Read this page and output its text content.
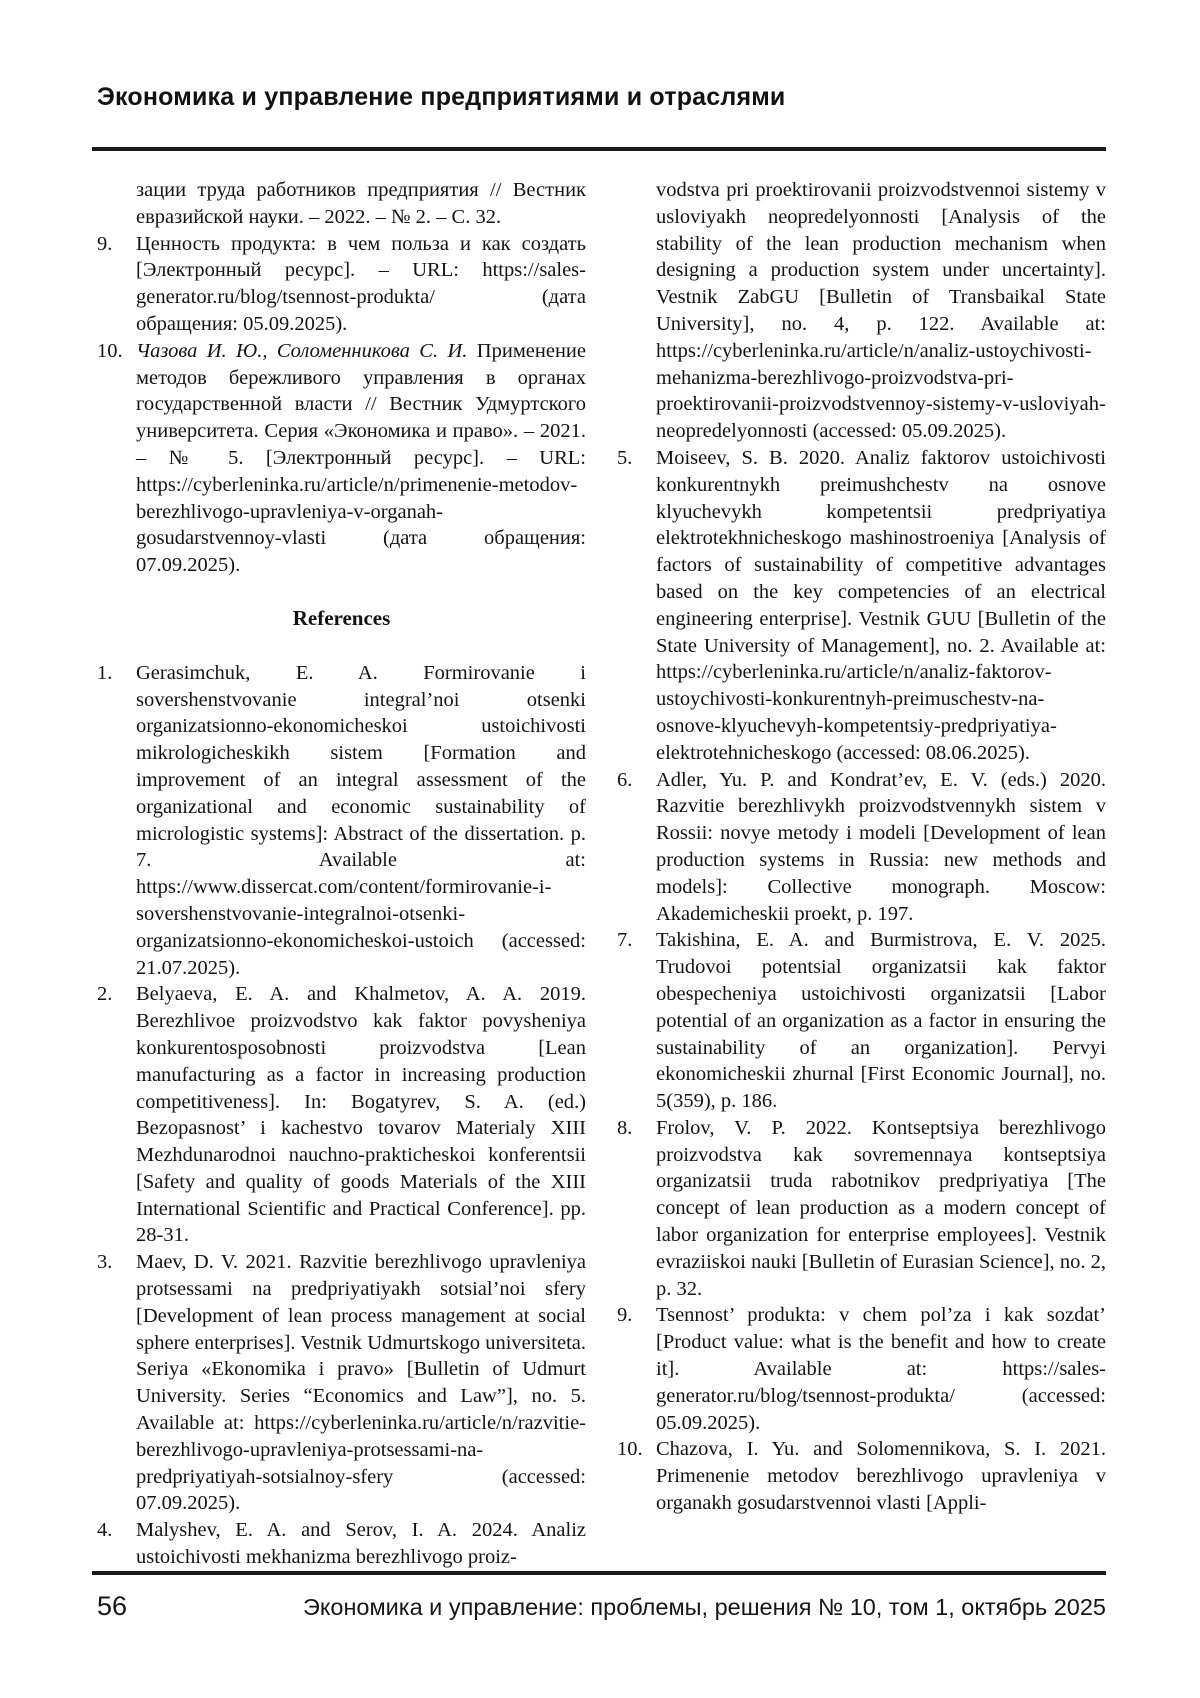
Экономика и управление предприятиями и отраслями

зации труда работников предприятия // Вестник евразийской науки. – 2022. – № 2. – С. 32.

9.	Ценность продукта: в чем польза и как создать [Электронный ресурс]. – URL: https://sales-generator.ru/blog/tsennost-produkta/ (дата обращения: 05.09.2025).
10. Чазова И. Ю., Соломенникова С. И. Применение методов бережливого управления в органах государственной власти // Вестник Удмуртского университета. Серия «Экономика и право». – 2021. – № 5. [Электронный ресурс]. – URL: https://cyberleninka.ru/article/n/primenenie-metodov-berezhlivogo-upravleniya-v-organah-gosudarstvennoy-vlasti (дата обращения: 07.09.2025).
References
1.	Gerasimchuk, E. A. Formirovanie i sovershenstvovanie integral’noi otsenki organizatsionno-ekonomicheskoi ustoichivosti mikrologicheskikh sistem [Formation and improvement of an integral assessment of the organizational and economic sustainability of micrologistic systems]: Abstract of the dissertation. p. 7. Available at: https://www.dissercat.com/content/formirovanie-i-sovershenstvovanie-integralnoi-otsenki-organizatsionno-ekonomicheskoi-ustoich (accessed: 21.07.2025).
2.	Belyaeva, E. A. and Khalmetov, A. A. 2019. Berezhlivoe proizvodstvo kak faktor povysheniya konkurentosposobnosti proizvodstva [Lean manufacturing as a factor in increasing production competitiveness]. In: Bogatyrev, S. A. (ed.) Bezopasnost’ i kachestvo tovarov Materialy XIII Mezhdunarodnoi nauchno-prakticheskoi konferentsii [Safety and quality of goods Materials of the XIII International Scientific and Practical Conference]. pp. 28-31.
3.	Maev, D. V. 2021. Razvitie berezhlivogo upravleniya protsessami na predpriyatiyakh sotsial’noi sfery [Development of lean process management at social sphere enterprises]. Vestnik Udmurtskogo universiteta. Seriya «Ekonomika i pravo» [Bulletin of Udmurt University. Series “Economics and Law”], no. 5. Available at: https://cyberleninka.ru/article/n/razvitie-berezhlivogo-upravleniya-protsessami-na-predpriyatiyah-sotsialnoy-sfery (accessed: 07.09.2025).
4.	Malyshev, E. A. and Serov, I. A. 2024. Analiz ustoichivosti mekhanizma berezhlivogo proiz-

vodstva pri proektirovanii proizvodstvennoi sistemy v usloviyakh neopredelyonnosti [Analysis of the stability of the lean production mechanism when designing a production system under uncertainty]. Vestnik ZabGU [Bulletin of Transbaikal State University], no. 4, p. 122. Available at: https://cyberleninka.ru/article/n/analiz-ustoychivosti-mehanizma-berezhlivogo-proizvodstva-pri-proektirovanii-proizvodstvennoy-sistemy-v-usloviyah-neopredelyonnosti (accessed: 05.09.2025).

5.	Moiseev, S. B. 2020. Analiz faktorov ustoichivosti konkurentnykh preimushchestv na osnove klyuchevykh kompetentsii predpriyatiya elektrotekhnicheskogo mashinostroeniya [Analysis of factors of sustainability of competitive advantages based on the key competencies of an electrical engineering enterprise]. Vestnik GUU [Bulletin of the State University of Management], no. 2. Available at: https://cyberleninka.ru/article/n/analiz-faktorov-ustoychivosti-konkurentnyh-preimuschestv-na-osnove-klyuchevyh-kompetentsiy-predpriyatiya-elektrotehnicheskogo (accessed: 08.06.2025).
6.	Adler, Yu. P. and Kondrat’ev, E. V. (eds.) 2020. Razvitie berezhlivykh proizvodstvennykh sistem v Rossii: novye metody i modeli [Development of lean production systems in Russia: new methods and models]: Collective monograph. Moscow: Akademicheskii proekt, p. 197.
7.	Takishina, E. A. and Burmistrova, E. V. 2025. Trudovoi potentsial organizatsii kak faktor obespecheniya ustoichivosti organizatsii [Labor potential of an organization as a factor in ensuring the sustainability of an organization]. Pervyi ekonomicheskii zhurnal [First Economic Journal], no. 5(359), p. 186.
8.	Frolov, V. P. 2022. Kontseptsiya berezhlivogo proizvodstva kak sovremennaya kontseptsiya organizatsii truda rabotnikov predpriyatiya [The concept of lean production as a modern concept of labor organization for enterprise employees]. Vestnik evraziiskoi nauki [Bulletin of Eurasian Science], no. 2, p. 32.
9.	Tsennost’ produkta: v chem pol’za i kak sozdat’ [Product value: what is the benefit and how to create it]. Available at: https://sales-generator.ru/blog/tsennost-produkta/ (accessed: 05.09.2025).
10. Chazova, I. Yu. and Solomennikova, S. I. 2021. Primenenie metodov berezhlivogo upravleniya v organakh gosudarstvennoi vlasti [Appli-
56	Экономика и управление: проблемы, решения № 10, том 1, октябрь 2025
